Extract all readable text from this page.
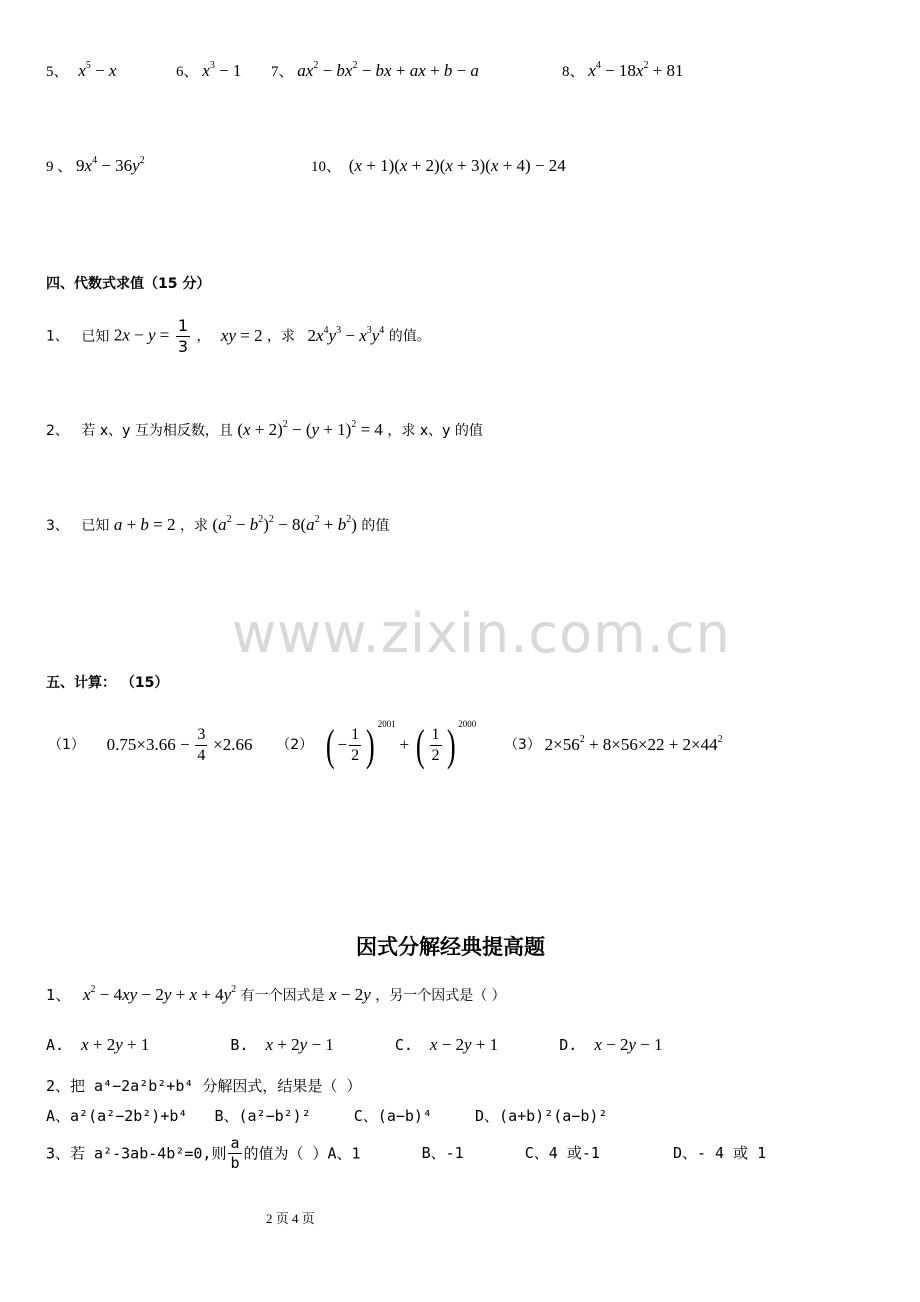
5、 $x^5 - x$	6、 $x^3 - 1$ 7、 $ax^2 - bx^2$ − bx + ax + b − a	8、 $x^4 - 18x^2 + 81$
9 、 $9x^4 - 36y^2$	10、 (x + 1)(x + 2)(x + 3)(x + 4) − 24
四、代数式求值（15 分）
1、 已知 $2x - y = \frac{1}{3}$ ， xy = 2 ，求 $2x^4y^3 - x^3y^4$ 的值。
2、 若 x、y 互为相反数，且 $(x + 2)^2 - (y + 1)^2 = 4$ ，求 x、y 的值
3、 已知 a + b = 2 ，求 $(a^2 - b^2)^2 - 8(a^2 + b^2)$ 的值
www.zixin.com.cn
五、计算： （15）
（1） $0.75\times 3.66 - \frac{3}{4} \times 2.66$ （2） ( − $\frac{1}{2}$ ) $^{2001}$ + ( $\frac{1}{2}$ ) $^{2000}$ （3） $2\times 56^2 + 8\times 56\times 22 + 2\times 44^2$
因式分解经典提高题
1、 $x^2 - 4xy - 2y + x + 4y^2$ 有一个因式是 x − 2y ，另一个因式是（ ）
A. x + 2y + 1	B. x + 2y − 1	C. x − 2y + 1	D. x − 2y − 1
2、把 a⁴−2a²b²+b⁴ 分解因式，结果是（ ）
A、a²(a²−2b²)+b⁴ B、(a²−b²)²	C、(a−b)⁴	D、(a+b)²(a−b)²
3、若 a²-3ab-4b²=0,则 $\frac{a}{b}$ 的值为（ ）A、1	B、-1	C、4 或-1	D、- 4 或 1
2 页 4 页
